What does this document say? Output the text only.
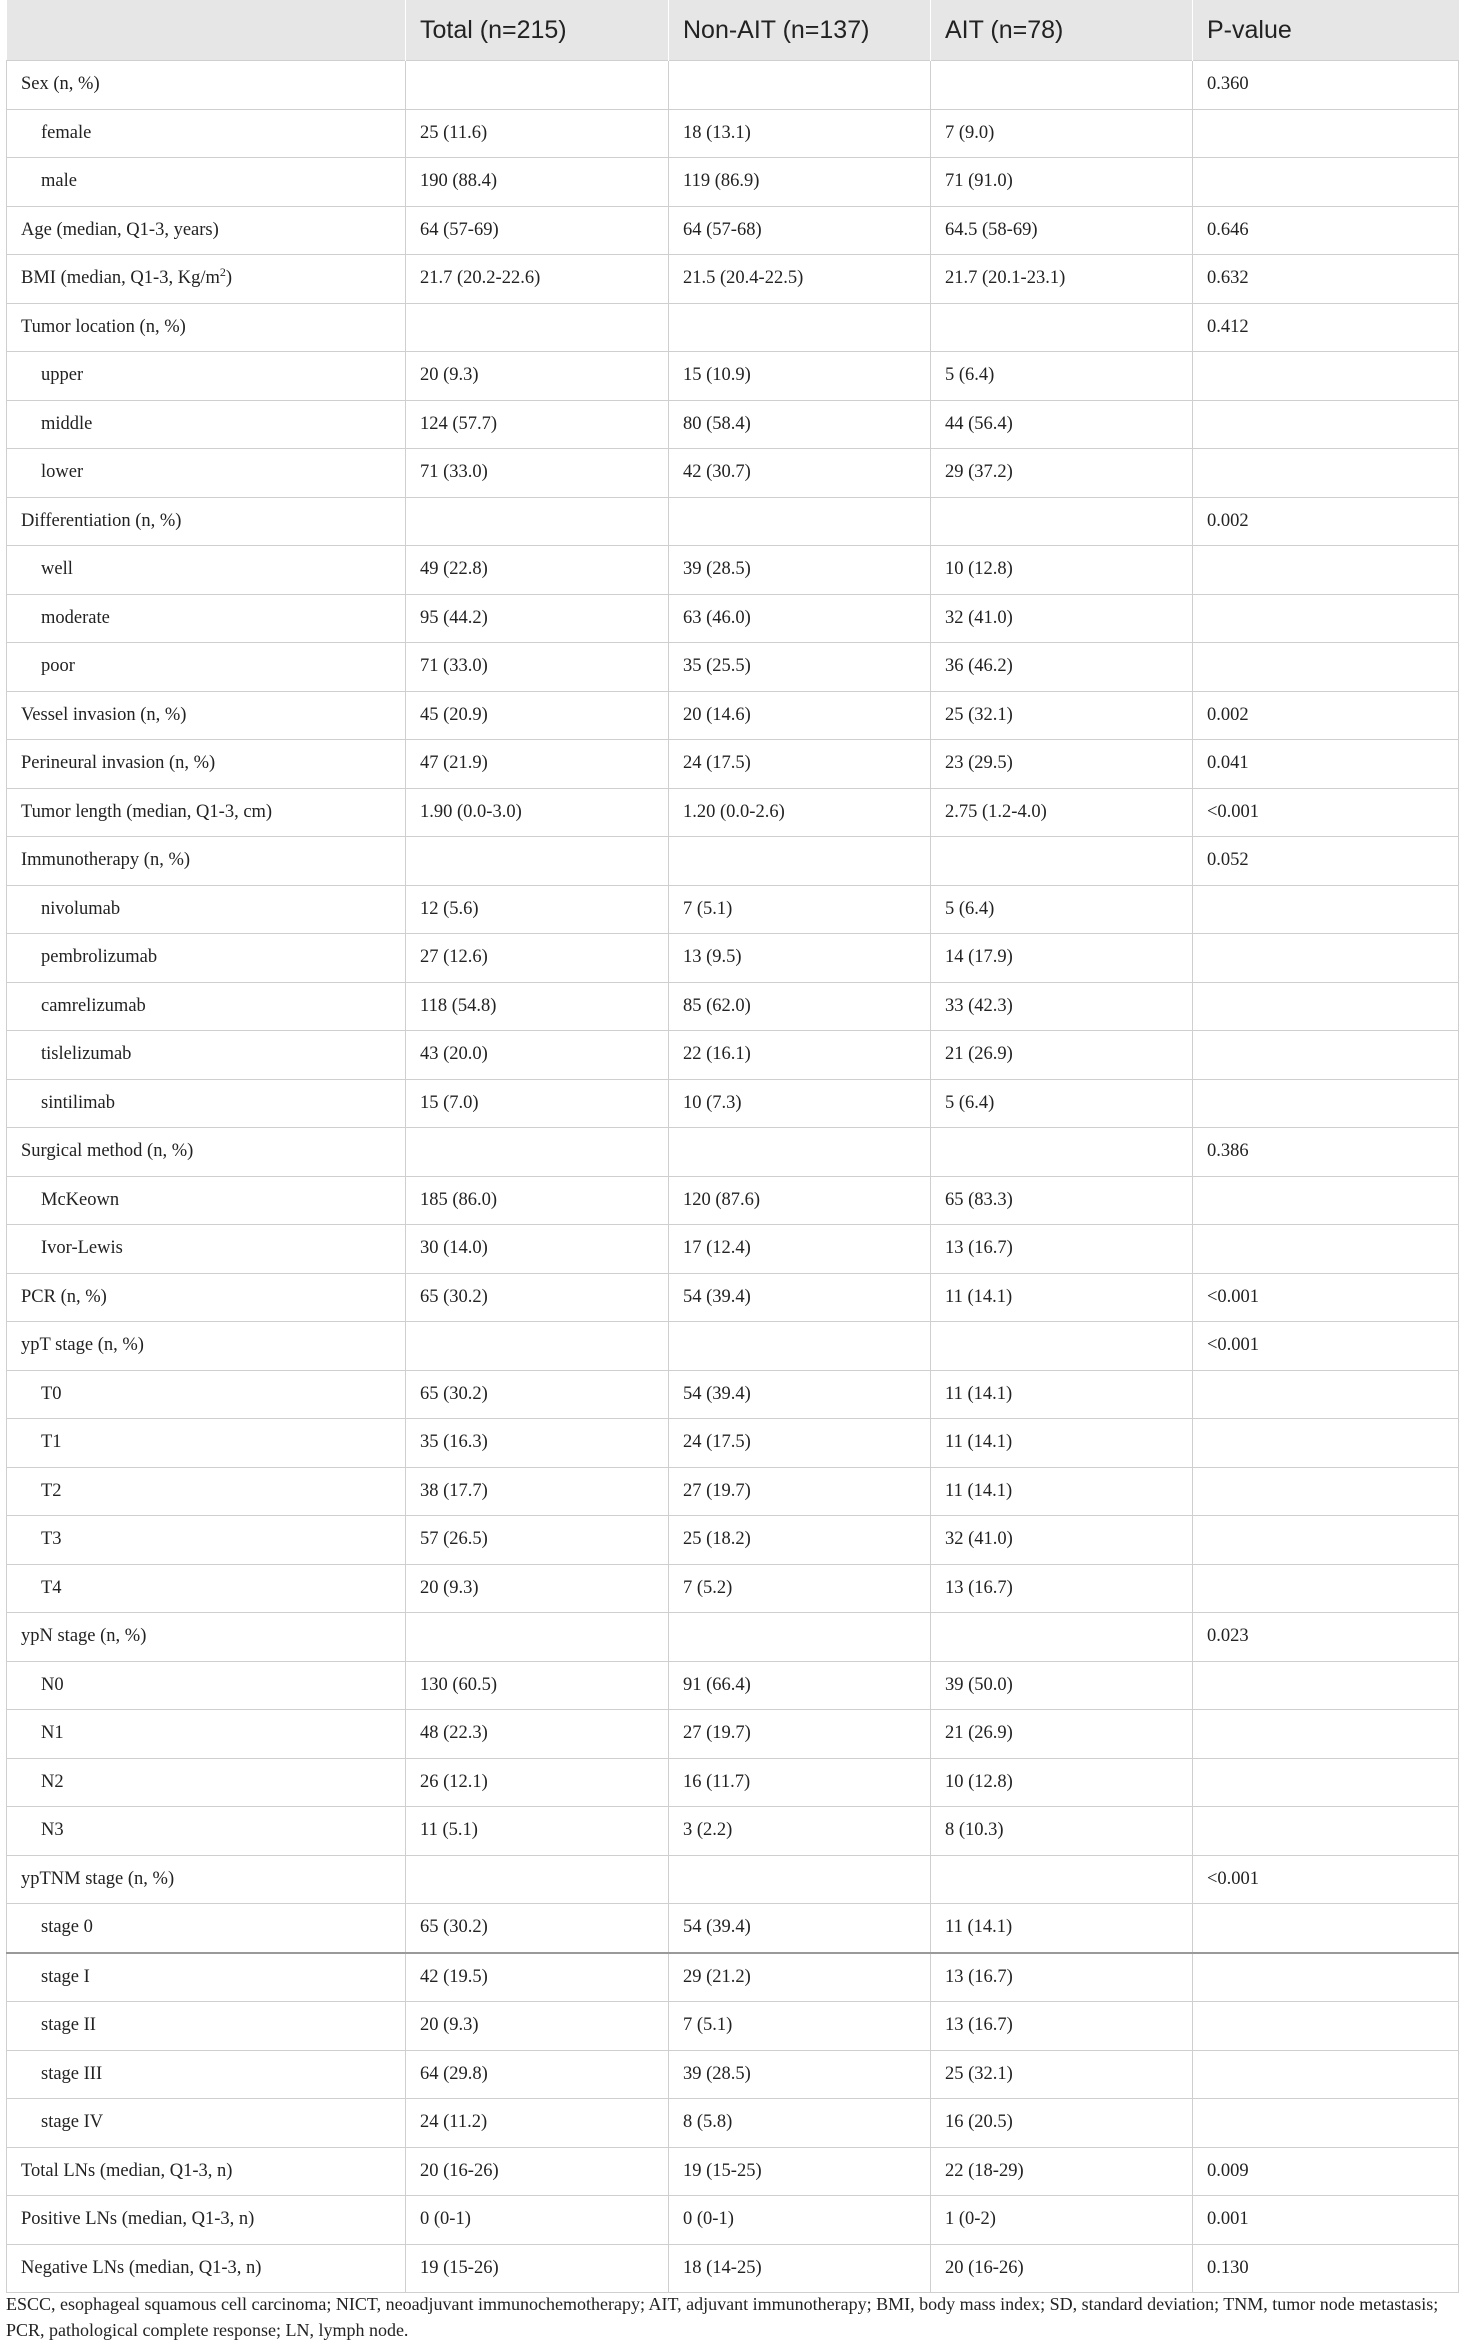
	Total (n=215)	Non-AIT (n=137)	AIT (n=78)	P-value
Sex (n, %)				0.360
female	25 (11.6)	18 (13.1)	7 (9.0)	
male	190 (88.4)	119 (86.9)	71 (91.0)	
Age (median, Q1-3, years)	64 (57-69)	64 (57-68)	64.5 (58-69)	0.646
BMI (median, Q1-3, $Kg/m^2$)	21.7 (20.2-22.6)	21.5 (20.4-22.5)	21.7 (20.1-23.1)	0.632
Tumor location (n, %)				0.412
upper	20 (9.3)	15 (10.9)	5 (6.4)	
middle	124 (57.7)	80 (58.4)	44 (56.4)	
lower	71 (33.0)	42 (30.7)	29 (37.2)	
Differentiation (n, %)				0.002
well	49 (22.8)	39 (28.5)	10 (12.8)	
moderate	95 (44.2)	63 (46.0)	32 (41.0)	
poor	71 (33.0)	35 (25.5)	36 (46.2)	
Vessel invasion (n, %)	45 (20.9)	20 (14.6)	25 (32.1)	0.002
Perineural invasion (n, %)	47 (21.9)	24 (17.5)	23 (29.5)	0.041
Tumor length (median, Q1-3, cm)	1.90 (0.0-3.0)	1.20 (0.0-2.6)	2.75 (1.2-4.0)	<0.001
Immunotherapy (n, %)				0.052
nivolumab	12 (5.6)	7 (5.1)	5 (6.4)	
pembrolizumab	27 (12.6)	13 (9.5)	14 (17.9)	
camrelizumab	118 (54.8)	85 (62.0)	33 (42.3)	
tislelizumab	43 (20.0)	22 (16.1)	21 (26.9)	
sintilimab	15 (7.0)	10 (7.3)	5 (6.4)	
Surgical method (n, %)				0.386
McKeown	185 (86.0)	120 (87.6)	65 (83.3)	
Ivor-Lewis	30 (14.0)	17 (12.4)	13 (16.7)	
PCR (n, %)	65 (30.2)	54 (39.4)	11 (14.1)	<0.001
ypT stage (n, %)				<0.001
T0	65 (30.2)	54 (39.4)	11 (14.1)	
T1	35 (16.3)	24 (17.5)	11 (14.1)	
T2	38 (17.7)	27 (19.7)	11 (14.1)	
T3	57 (26.5)	25 (18.2)	32 (41.0)	
T4	20 (9.3)	7 (5.2)	13 (16.7)	
ypN stage (n, %)				0.023
N0	130 (60.5)	91 (66.4)	39 (50.0)	
N1	48 (22.3)	27 (19.7)	21 (26.9)	
N2	26 (12.1)	16 (11.7)	10 (12.8)	
N3	11 (5.1)	3 (2.2)	8 (10.3)	
ypTNM stage (n, %)				<0.001
stage 0	65 (30.2)	54 (39.4)	11 (14.1)	
stage I	42 (19.5)	29 (21.2)	13 (16.7)	
stage II	20 (9.3)	7 (5.1)	13 (16.7)	
stage III	64 (29.8)	39 (28.5)	25 (32.1)	
stage IV	24 (11.2)	8 (5.8)	16 (20.5)	
Total LNs (median, Q1-3, n)	20 (16-26)	19 (15-25)	22 (18-29)	0.009
Positive LNs (median, Q1-3, n)	0 (0-1)	0 (0-1)	1 (0-2)	0.001
Negative LNs (median, Q1-3, n)	19 (15-26)	18 (14-25)	20 (16-26)	0.130

ESCC, esophageal squamous cell carcinoma; NICT, neoadjuvant immunochemotherapy; AIT, adjuvant immunotherapy; BMI, body mass index; SD, standard deviation; TNM, tumor node metastasis; PCR, pathological complete response; LN, lymph node.
